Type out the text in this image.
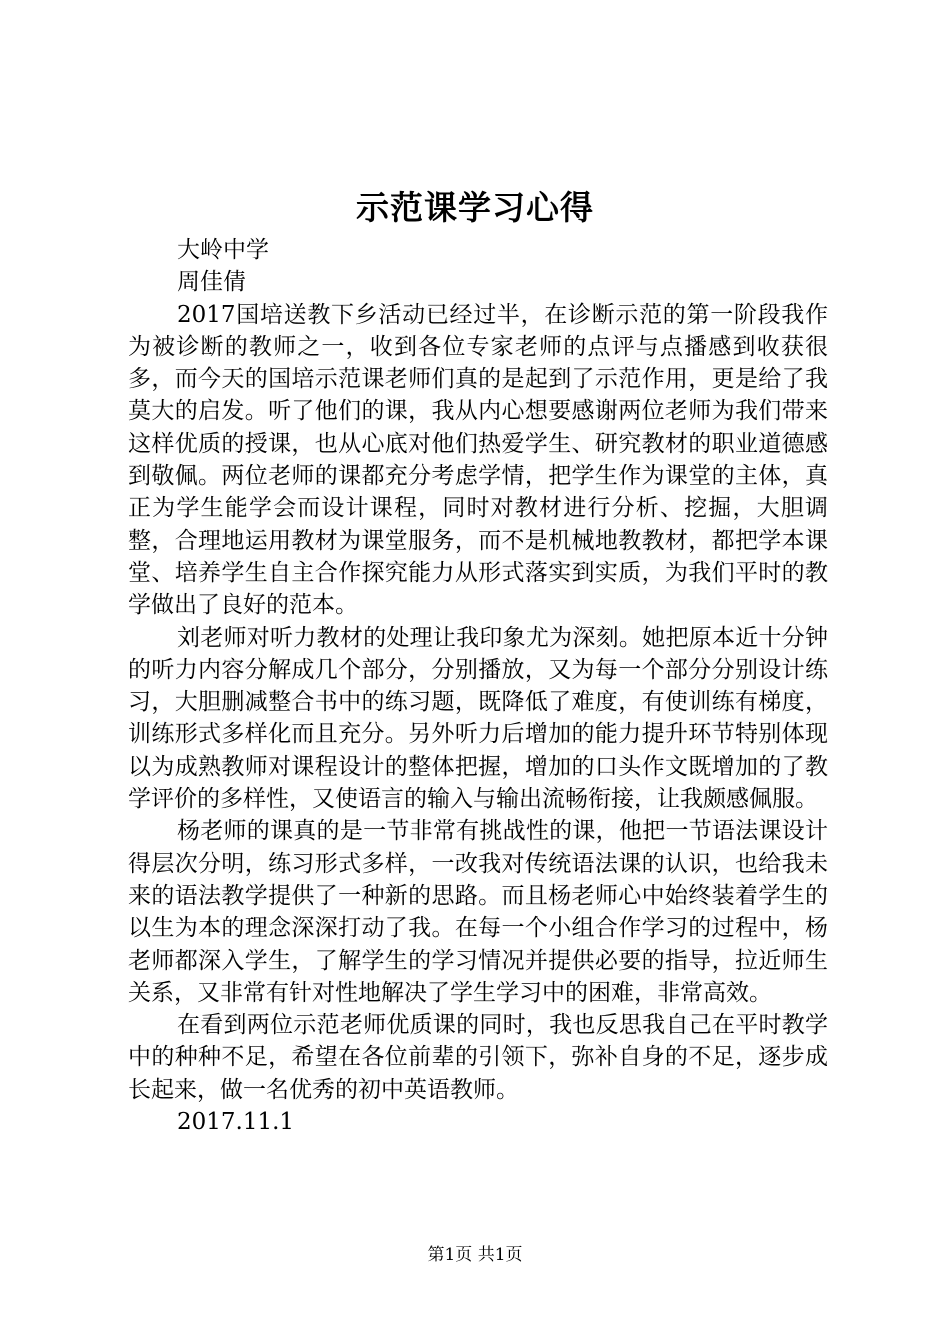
示范课学习心得

大岭中学

周佳倩

2017国培送教下乡活动已经过半，在诊断示范的第一阶段我作为被诊断的教师之一，收到各位专家老师的点评与点播感到收获很多，而今天的国培示范课老师们真的是起到了示范作用，更是给了我莫大的启发。听了他们的课，我从内心想要感谢两位老师为我们带来这样优质的授课，也从心底对他们热爱学生、研究教材的职业道德感到敬佩。两位老师的课都充分考虑学情，把学生作为课堂的主体，真正为学生能学会而设计课程，同时对教材进行分析、挖掘，大胆调整，合理地运用教材为课堂服务，而不是机械地教教材，都把学本课堂、培养学生自主合作探究能力从形式落实到实质，为我们平时的教学做出了良好的范本。

刘老师对听力教材的处理让我印象尤为深刻。她把原本近十分钟的听力内容分解成几个部分，分别播放，又为每一个部分分别设计练习，大胆删减整合书中的练习题，既降低了难度，有使训练有梯度，训练形式多样化而且充分。另外听力后增加的能力提升环节特别体现以为成熟教师对课程设计的整体把握，增加的口头作文既增加的了教学评价的多样性，又使语言的输入与输出流畅衔接，让我颇感佩服。

杨老师的课真的是一节非常有挑战性的课，他把一节语法课设计得层次分明，练习形式多样，一改我对传统语法课的认识，也给我未来的语法教学提供了一种新的思路。而且杨老师心中始终装着学生的以生为本的理念深深打动了我。在每一个小组合作学习的过程中，杨老师都深入学生，了解学生的学习情况并提供必要的指导，拉近师生关系，又非常有针对性地解决了学生学习中的困难，非常高效。

在看到两位示范老师优质课的同时，我也反思我自己在平时教学中的种种不足，希望在各位前辈的引领下，弥补自身的不足，逐步成长起来，做一名优秀的初中英语教师。

2017.11.1

第1页 共1页
